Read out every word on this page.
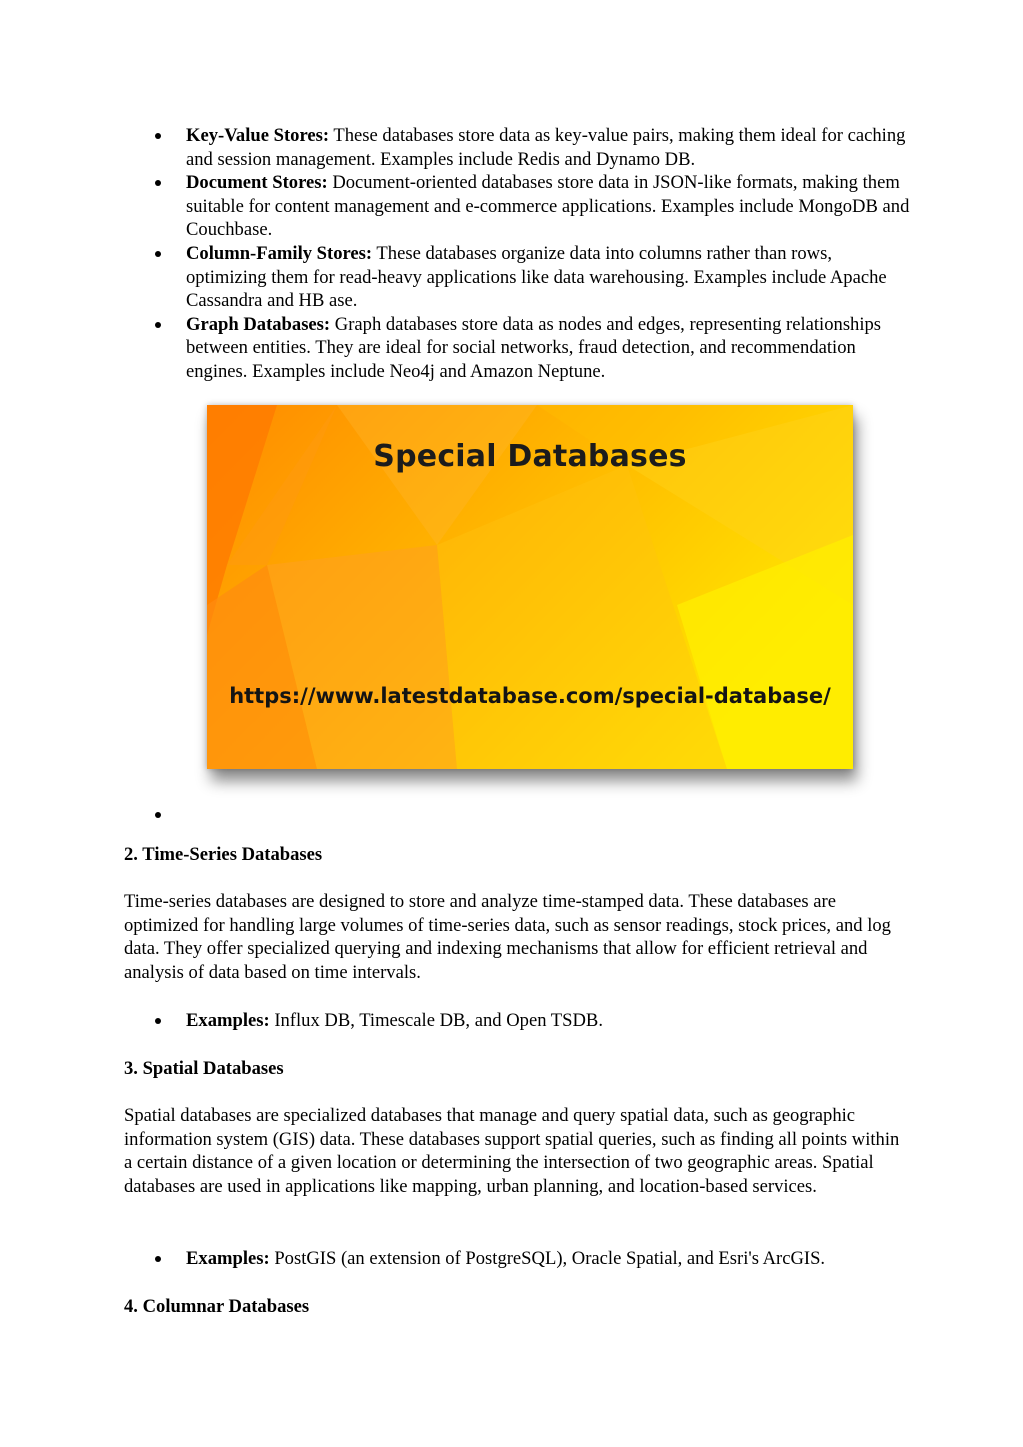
Key-Value Stores: These databases store data as key-value pairs, making them ideal for caching and session management. Examples include Redis and Dynamo DB.
Document Stores: Document-oriented databases store data in JSON-like formats, making them suitable for content management and e-commerce applications. Examples include MongoDB and Couchbase.
Column-Family Stores: These databases organize data into columns rather than rows, optimizing them for read-heavy applications like data warehousing. Examples include Apache Cassandra and HB ase.
Graph Databases: Graph databases store data as nodes and edges, representing relationships between entities. They are ideal for social networks, fraud detection, and recommendation engines. Examples include Neo4j and Amazon Neptune.
Special Databases
https://www.latestdatabase.com/special-database/
2. Time-Series Databases

Time-series databases are designed to store and analyze time-stamped data. These databases are optimized for handling large volumes of time-series data, such as sensor readings, stock prices, and log data. They offer specialized querying and indexing mechanisms that allow for efficient retrieval and analysis of data based on time intervals.

Examples: Influx DB, Timescale DB, and Open TSDB.
3. Spatial Databases

Spatial databases are specialized databases that manage and query spatial data, such as geographic information system (GIS) data. These databases support spatial queries, such as finding all points within a certain distance of a given location or determining the intersection of two geographic areas. Spatial databases are used in applications like mapping, urban planning, and location-based services.

Examples: PostGIS (an extension of PostgreSQL), Oracle Spatial, and Esri's ArcGIS.
4. Columnar Databases
